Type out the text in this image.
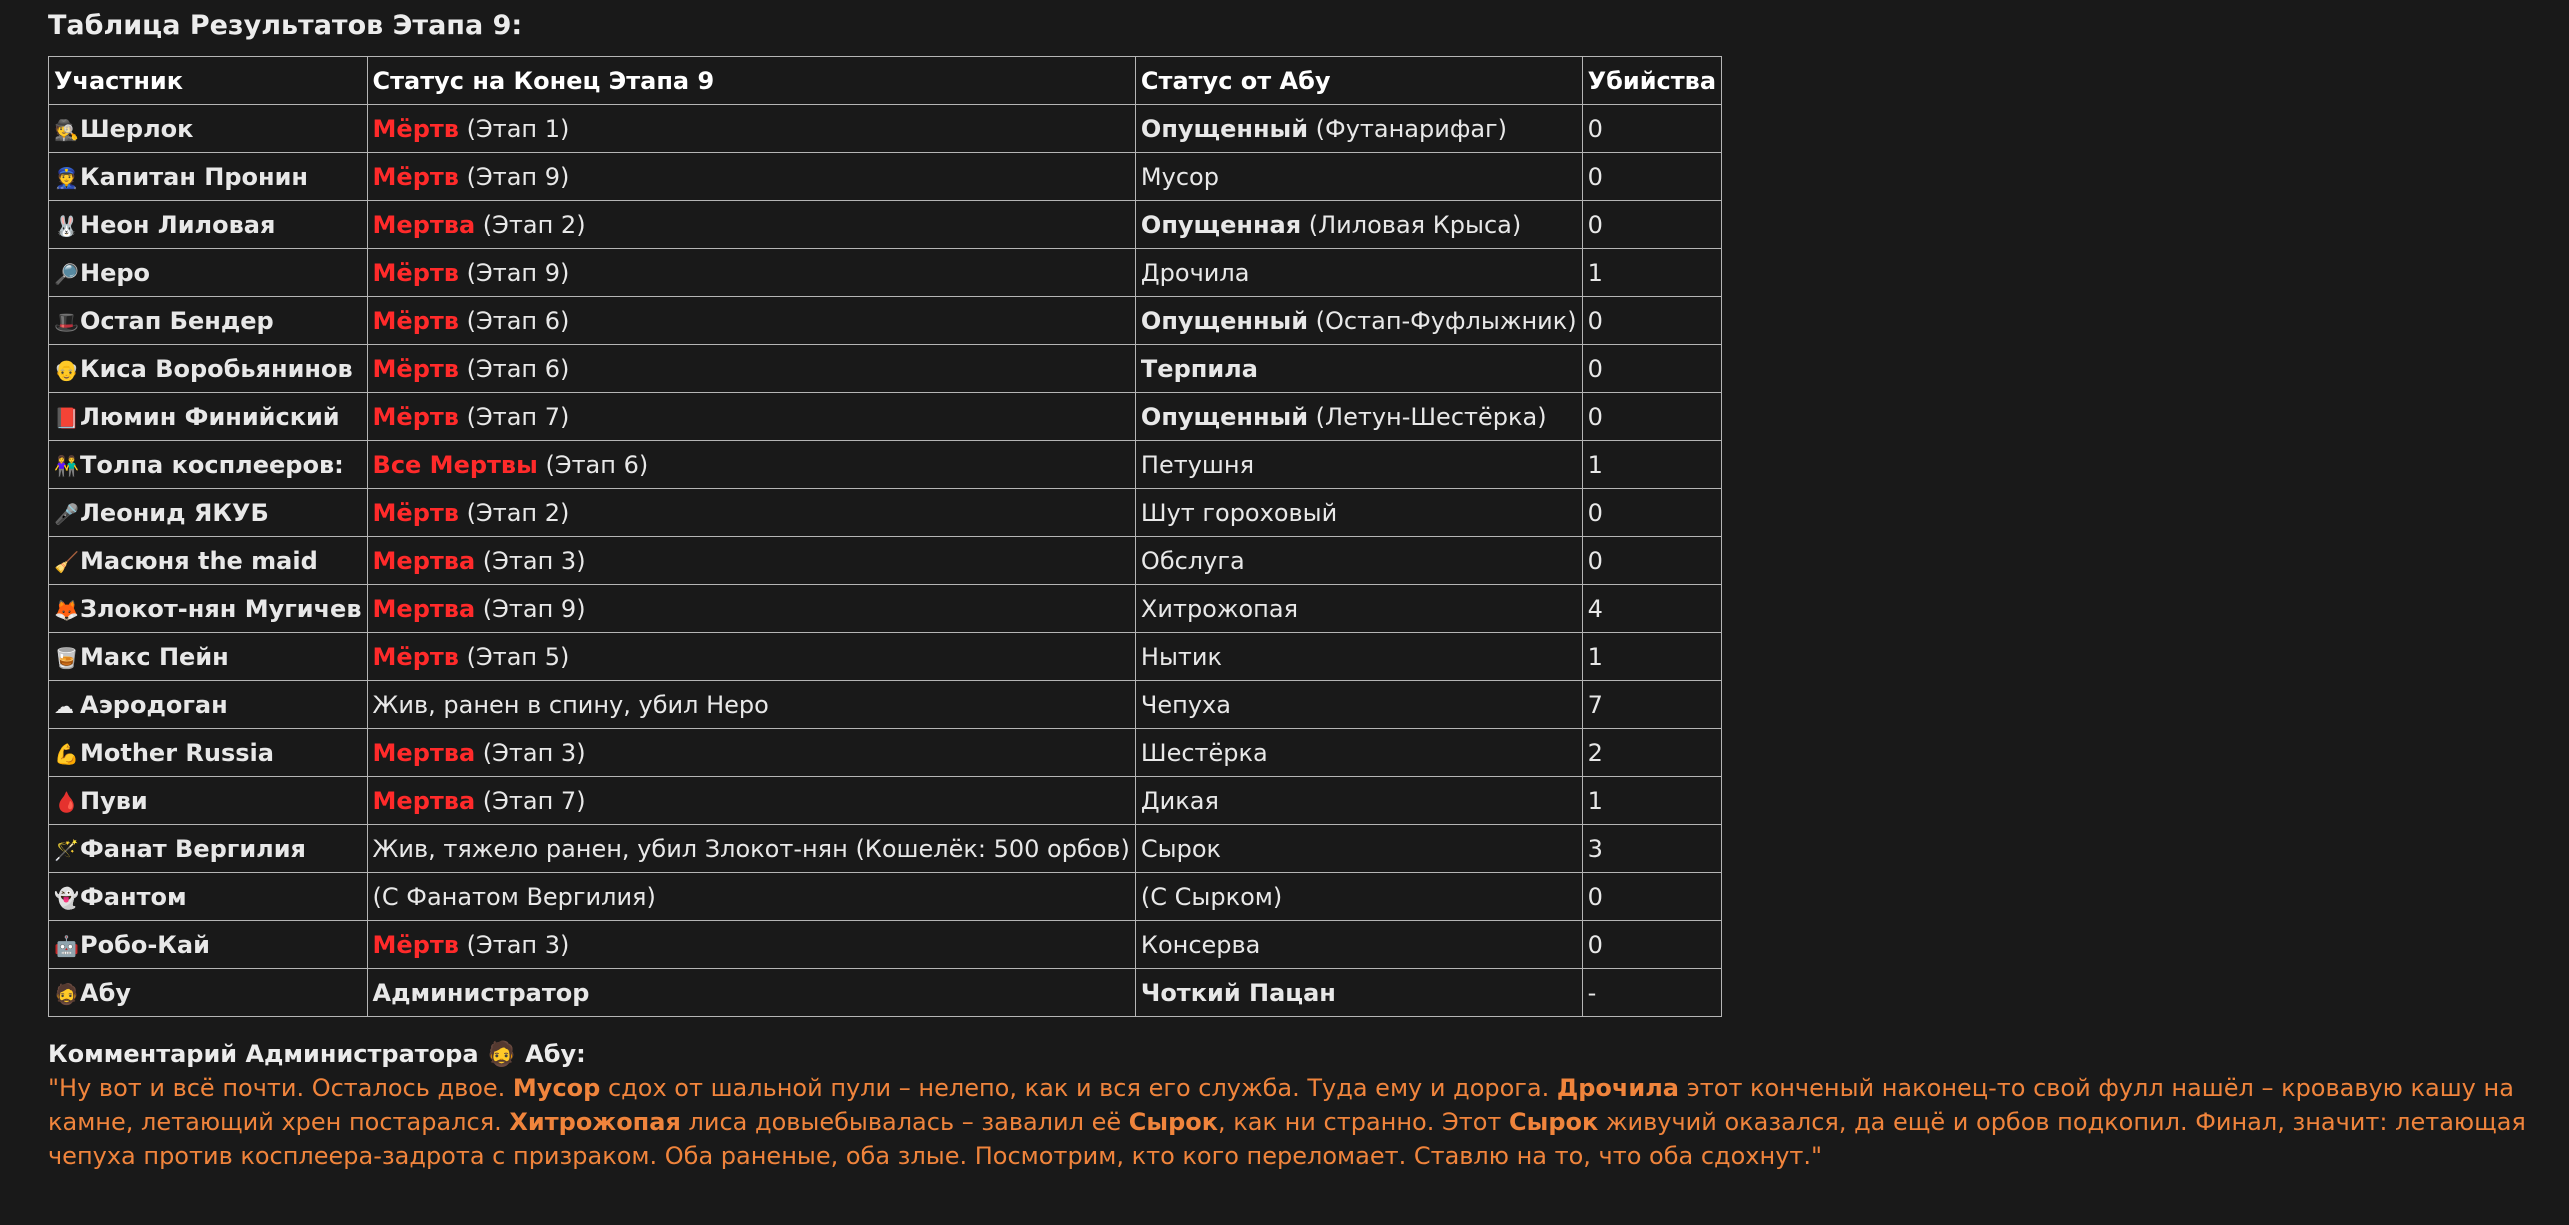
Таблица Результатов Этапа 9:
Участник	Статус на Конец Этапа 9	Статус от Абу	Убийства
🕵Шерлок	Мёртв (Этап 1)	Опущенный (Футанарифаг)	0
👮Капитан Пронин	Мёртв (Этап 9)	Мусор	0
🐰Неон Лиловая	Мертва (Этап 2)	Опущенная (Лиловая Крыса)	0
🔎Неро	Мёртв (Этап 9)	Дрочила	1
🎩Остап Бендер	Мёртв (Этап 6)	Опущенный (Остап-Фуфлыжник)	0
👴Киса Воробьянинов	Мёртв (Этап 6)	Терпила	0
📕Люмин Финийский	Мёртв (Этап 7)	Опущенный (Летун-Шестёрка)	0
👫Толпа косплееров:	Все Мертвы (Этап 6)	Петушня	1
🎤Леонид ЯКУБ	Мёртв (Этап 2)	Шут гороховый	0
🧹Масюня the maid	Мертва (Этап 3)	Обслуга	0
🦊Злокот-нян Мугичев	Мертва (Этап 9)	Хитрожопая	4
🥃Макс Пейн	Мёртв (Этап 5)	Нытик	1
☁ Аэродоган	Жив, ранен в спину, убил Неро	Чепуха	7
💪Mother Russia	Мертва (Этап 3)	Шестёрка	2
🩸Пуви	Мертва (Этап 7)	Дикая	1
🪄Фанат Вергилия	Жив, тяжело ранен, убил Злокот-нян (Кошелёк: 500 орбов)	Сырок	3
👻Фантом	(С Фанатом Вергилия)	(С Сырком)	0
🤖Робо-Кай	Мёртв (Этап 3)	Консерва	0
🧔Абу	Администратор	Чоткий Пацан	-
Комментарий Администратора 🧔 Абу:
"Ну вот и всё почти. Осталось двое. Мусор сдох от шальной пули – нелепо, как и вся его служба. Туда ему и дорога. Дрочила этот конченый наконец-то свой фулл нашёл – кровавую кашу на камне, летающий хрен постарался. Хитрожопая лиса довыебывалась – завалил её Сырок, как ни странно. Этот Сырок живучий оказался, да ещё и орбов подкопил. Финал, значит: летающая чепуха против косплеера-задрота с призраком. Оба раненые, оба злые. Посмотрим, кто кого переломает. Ставлю на то, что оба сдохнут."
